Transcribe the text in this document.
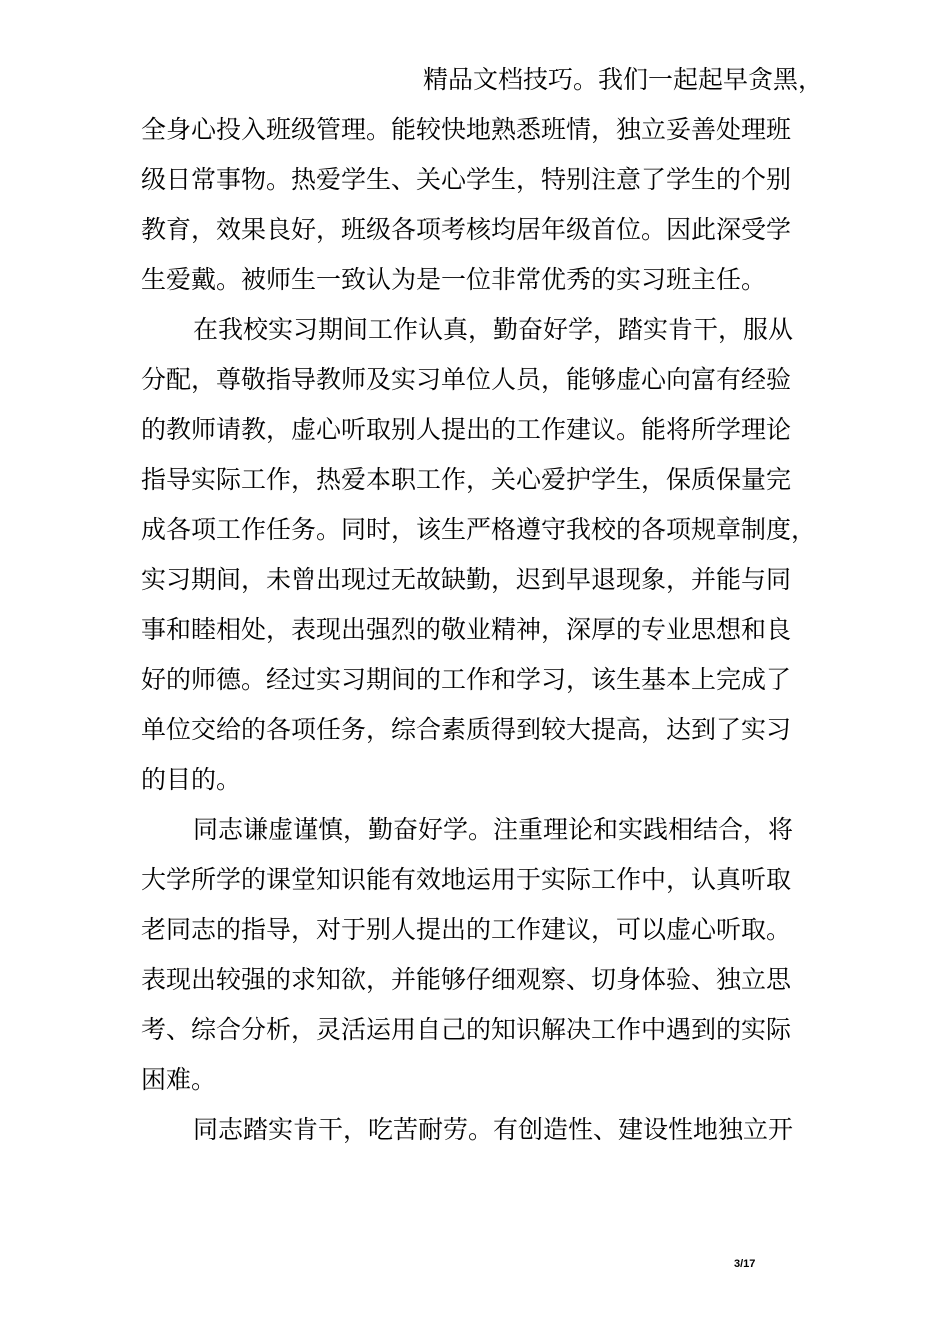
精品文档技巧。我们一起起早贪黑，
全身心投入班级管理。能较快地熟悉班情，独立妥善处理班
级日常事物。热爱学生、关心学生，特别注意了学生的个别
教育，效果良好，班级各项考核均居年级首位。因此深受学
生爱戴。被师生一致认为是一位非常优秀的实习班主任。
在我校实习期间工作认真，勤奋好学，踏实肯干，服从
分配，尊敬指导教师及实习单位人员，能够虚心向富有经验
的教师请教，虚心听取别人提出的工作建议。能将所学理论
指导实际工作，热爱本职工作，关心爱护学生，保质保量完
成各项工作任务。同时，该生严格遵守我校的各项规章制度，
实习期间，未曾出现过无故缺勤，迟到早退现象，并能与同
事和睦相处，表现出强烈的敬业精神，深厚的专业思想和良
好的师德。经过实习期间的工作和学习，该生基本上完成了
单位交给的各项任务，综合素质得到较大提高，达到了实习
的目的。
同志谦虚谨慎，勤奋好学。注重理论和实践相结合，将
大学所学的课堂知识能有效地运用于实际工作中，认真听取
老同志的指导，对于别人提出的工作建议，可以虚心听取。
表现出较强的求知欲，并能够仔细观察、切身体验、独立思
考、综合分析，灵活运用自己的知识解决工作中遇到的实际
困难。
同志踏实肯干，吃苦耐劳。有创造性、建设性地独立开
3/17
